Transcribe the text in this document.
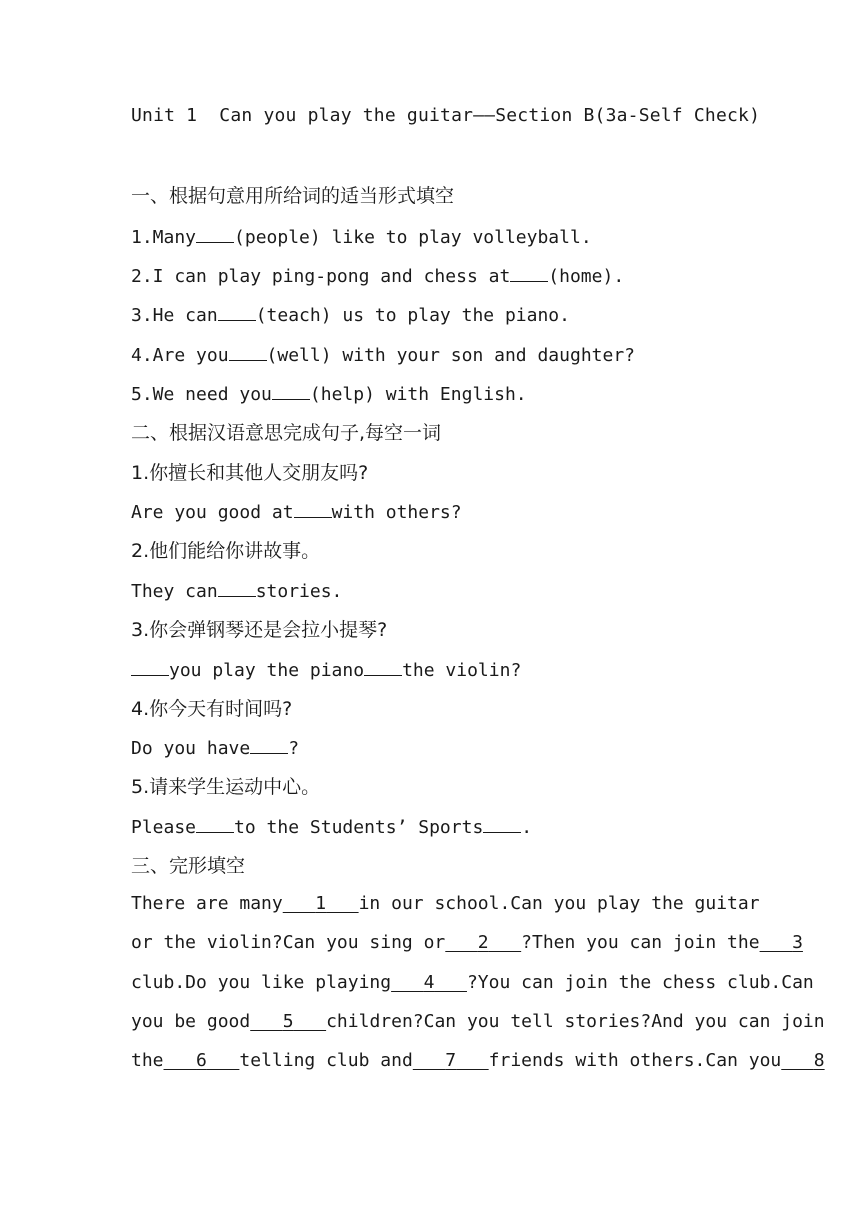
Unit 1  Can you play the guitar——Section B(3a-Self Check)
一、根据句意用所给词的适当形式填空
1.Many (people) like to play volleyball.
2.I can play ping-pong and chess at (home).
3.He can (teach) us to play the piano.
4.Are you (well) with your son and daughter?
5.We need you (help) with English.
二、根据汉语意思完成句子,每空一词
1.你擅长和其他人交朋友吗?
Are you good at with others?
2.他们能给你讲故事。
They can stories.
3.你会弹钢琴还是会拉小提琴?
you play the piano the violin?
4.你今天有时间吗?
Do you have ?
5.请来学生运动中心。
Please to the Students’ Sports .
三、完形填空
There are many 1 in our school.Can you play the guitar
or the violin?Can you sing or 2 ?Then you can join the 3
club.Do you like playing 4 ?You can join the chess club.Can
you be good 5 children?Can you tell stories?And you can join
the 6 telling club and 7 friends with others.Can you 8
